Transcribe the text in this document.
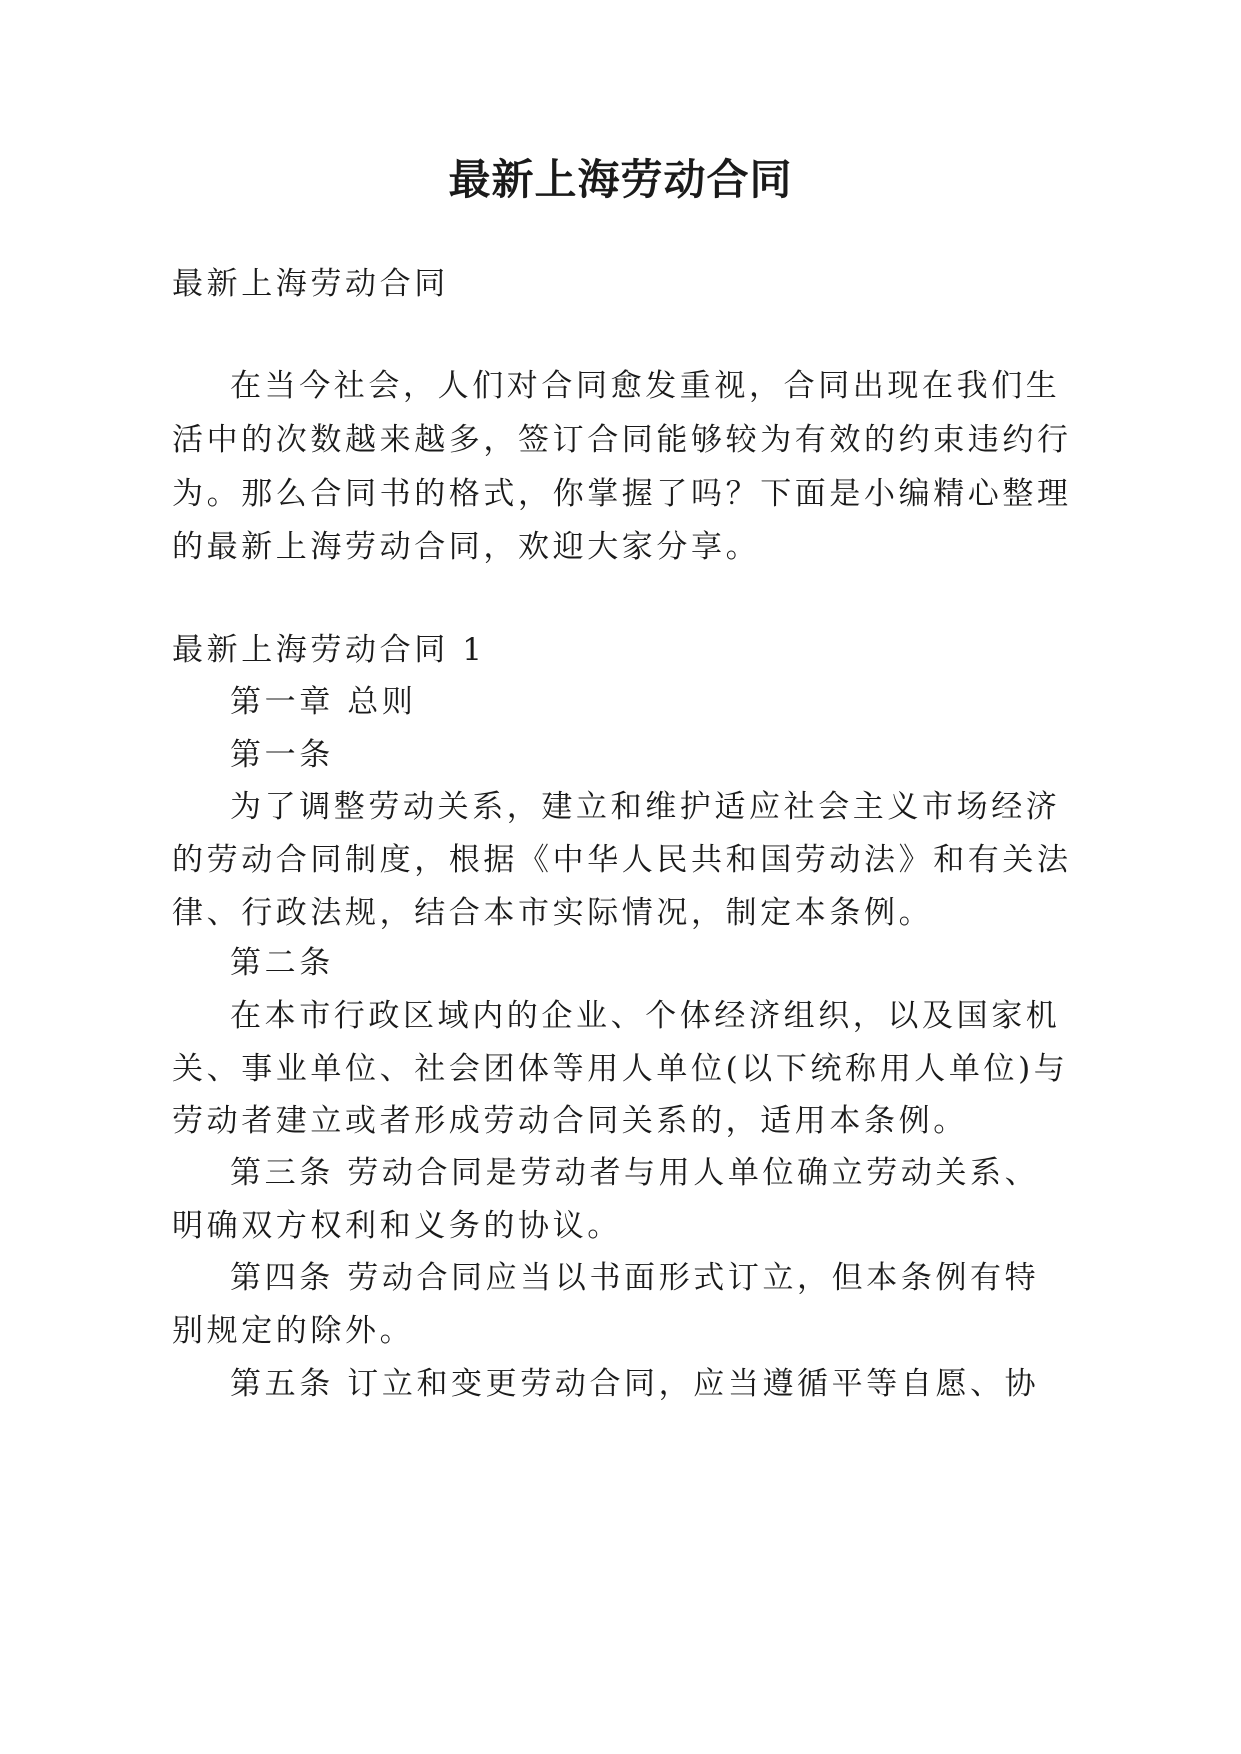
最新上海劳动合同
最新上海劳动合同
在当今社会，人们对合同愈发重视，合同出现在我们生
活中的次数越来越多，签订合同能够较为有效的约束违约行
为。那么合同书的格式，你掌握了吗？下面是小编精心整理
的最新上海劳动合同，欢迎大家分享。
最新上海劳动合同 1
第一章 总则
第一条
为了调整劳动关系，建立和维护适应社会主义市场经济
的劳动合同制度，根据《中华人民共和国劳动法》和有关法
律、行政法规，结合本市实际情况，制定本条例。
第二条
在本市行政区域内的企业、个体经济组织，以及国家机
关、事业单位、社会团体等用人单位(以下统称用人单位)与
劳动者建立或者形成劳动合同关系的，适用本条例。
第三条 劳动合同是劳动者与用人单位确立劳动关系、
明确双方权利和义务的协议。
第四条 劳动合同应当以书面形式订立，但本条例有特
别规定的除外。
第五条 订立和变更劳动合同，应当遵循平等自愿、协
